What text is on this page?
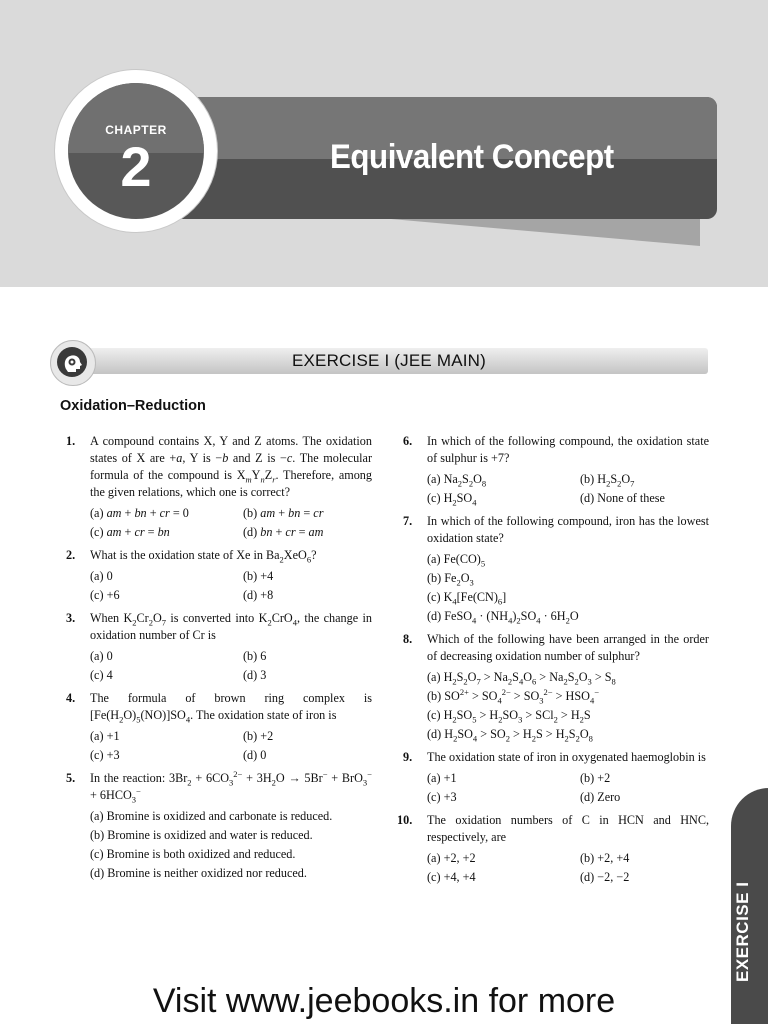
Equivalent Concept
CHAPTER
2
EXERCISE I (JEE MAIN)
Oxidation–Reduction
1. A compound contains X, Y and Z atoms. The oxidation states of X are +a, Y is −b and Z is −c. The molecular formula of the compound is $X_mY_nZ_r$. Therefore, among the given relations, which one is correct?
(a) am + bn + cr = 0	(b) am + bn = cr
(c) am + cr = bn	(d) bn + cr = am
2. What is the oxidation state of Xe in $Ba_2XeO_6$?
(a) 0	(b) +4
(c) +6	(d) +8
3. When $K_2Cr_2O_7$ is converted into $K_2CrO_4$, the change in oxidation number of Cr is
(a) 0	(b) 6
(c) 4	(d) 3
4. The formula of brown ring complex is $[Fe(H_2O)_5(NO)]SO_4$. The oxidation state of iron is
(a) +1	(b) +2
(c) +3	(d) 0
5. In the reaction: $3Br_2 + 6CO_3^{2-} + 3H_2O \to 5Br^- + BrO_3^- + 6HCO_3^-$
(a) Bromine is oxidized and carbonate is reduced.
(b) Bromine is oxidized and water is reduced.
(c) Bromine is both oxidized and reduced.
(d) Bromine is neither oxidized nor reduced.
6. In which of the following compound, the oxidation state of sulphur is +7?
(a) $Na_2S_2O_8$	(b) $H_2S_2O_7$
(c) $H_2SO_4$	(d) None of these
7. In which of the following compound, iron has the lowest oxidation state?
(a) $Fe(CO)_5$
(b) $Fe_2O_3$
(c) $K_4[Fe(CN)_6]$
(d) FeSO$_4$ · $(NH_4)_2SO_4 \cdot 6H_2O$
8. Which of the following have been arranged in the order of decreasing oxidation number of sulphur?
(a) $H_2S_2O_7 > Na_2S_4O_6 > Na_2S_2O_3 > S_8$
(b) $SO^{2+} > SO_4^{2-} > SO_3^{2-} > HSO_4^-$
(c) $H_2SO_5 > H_2SO_3 > SCl_2 > H_2S$
(d) $H_2SO_4 > SO_2 > H_2S > H_2S_2O_8$
9. The oxidation state of iron in oxygenated haemoglobin is
(a) +1	(b) +2
(c) +3	(d) Zero
10. The oxidation numbers of C in HCN and HNC, respectively, are
(a) +2, +2	(b) +2, +4
(c) +4, +4	(d) −2, −2
EXERCISE I
Visit www.jeebooks.in for more
